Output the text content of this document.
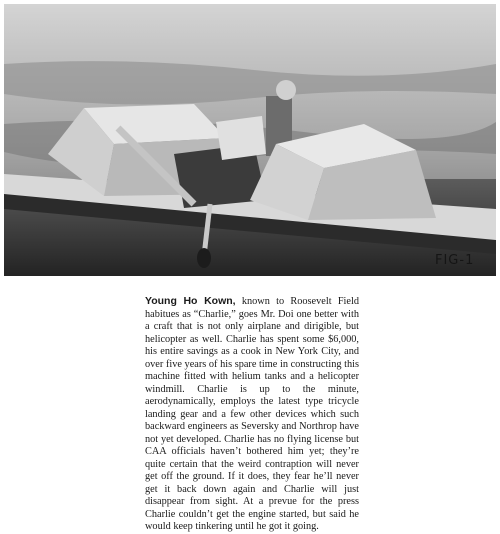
FIG-1
Young Ho Kown, known to Roosevelt Field habitues as “Charlie,” goes Mr. Doi one better with a craft that is not only airplane and dirigible, but helicopter as well. Charlie has spent some $6,000, his entire savings as a cook in New York City, and over five years of his spare time in constructing this machine fitted with helium tanks and a helicopter windmill. Charlie is up to the minute, aerodynamically, employs the latest type tricycle landing gear and a few other devices which such backward engineers as Seversky and Northrop have not yet developed. Charlie has no flying license but CAA officials haven’t bothered him yet; they’re quite certain that the weird contraption will never get off the ground. If it does, they fear he’ll never get it back down again and Charlie will just disappear from sight. At a prevue for the press Charlie couldn’t get the engine started, but said he would keep tinkering until he got it going.
